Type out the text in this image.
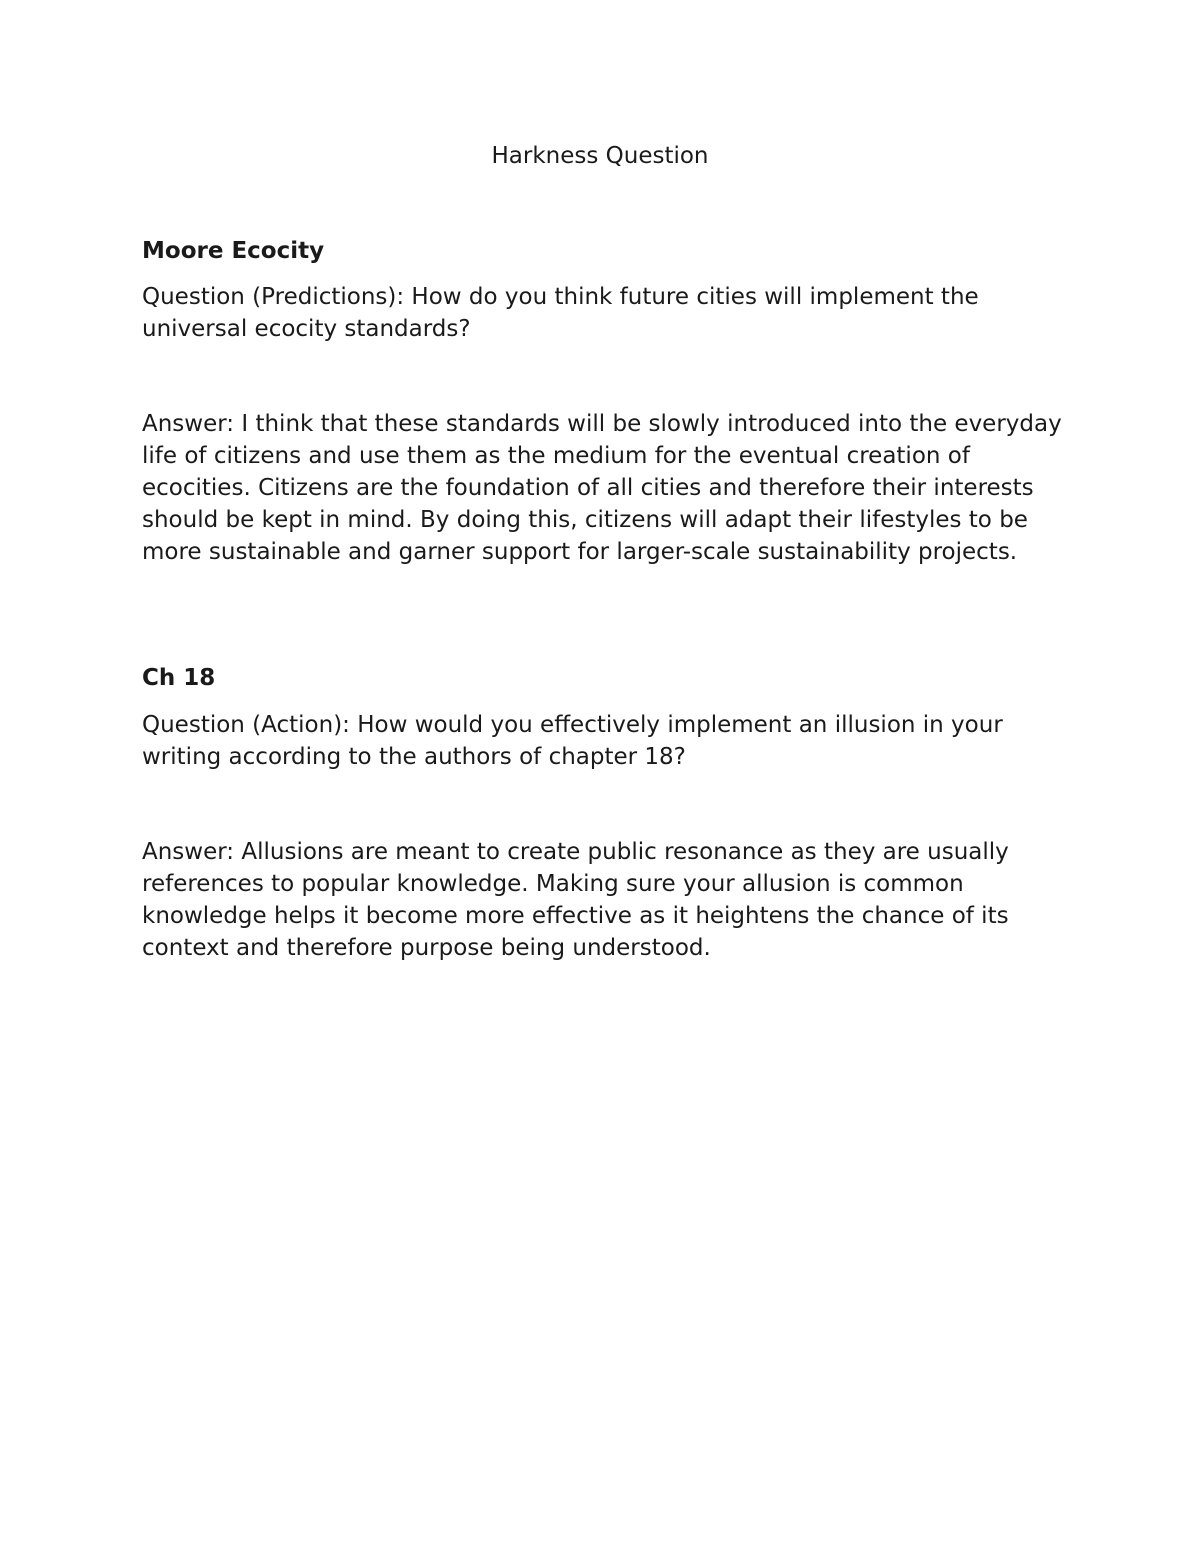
Harkness Question
Moore Ecocity

Question (Predictions): How do you think future cities will implement the universal ecocity standards?

Answer: I think that these standards will be slowly introduced into the everyday life of citizens and use them as the medium for the eventual creation of ecocities. Citizens are the foundation of all cities and therefore their interests should be kept in mind. By doing this, citizens will adapt their lifestyles to be more sustainable and garner support for larger-scale sustainability projects.

Ch 18

Question (Action): How would you effectively implement an illusion in your writing according to the authors of chapter 18?

Answer: Allusions are meant to create public resonance as they are usually references to popular knowledge. Making sure your allusion is common knowledge helps it become more effective as it heightens the chance of its context and therefore purpose being understood.
